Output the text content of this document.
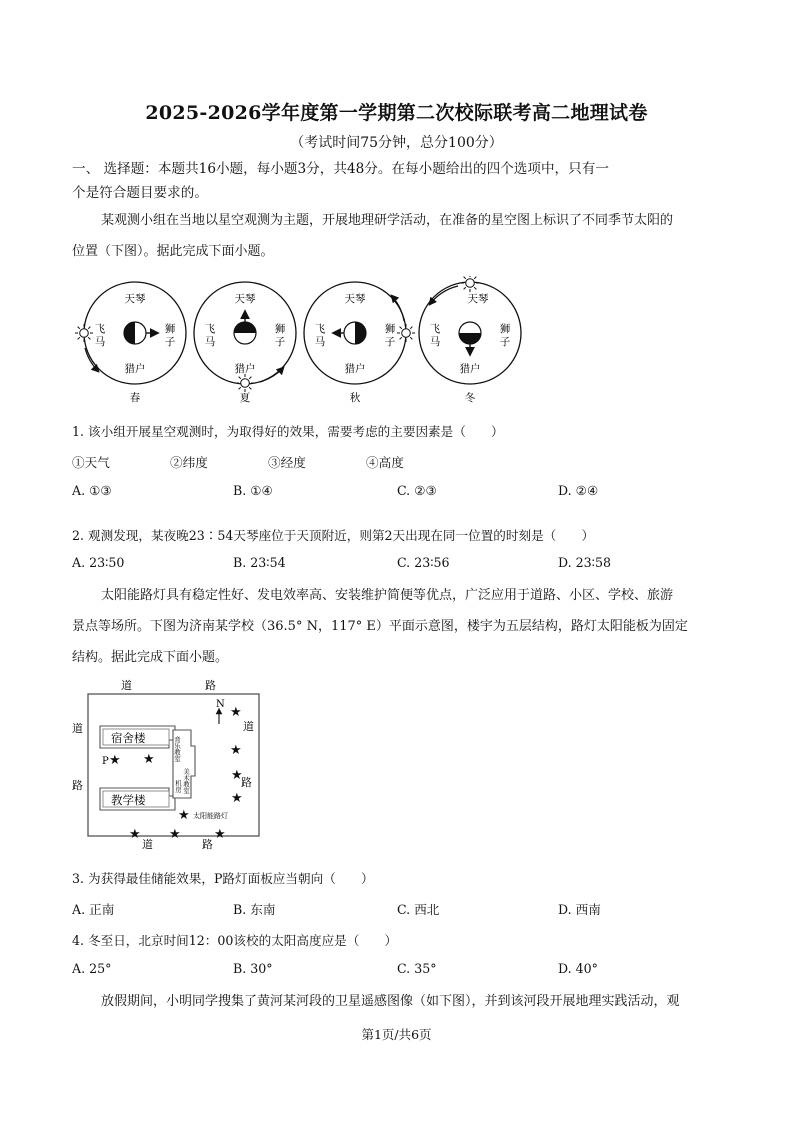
2025-2026学年度第一学期第二次校际联考高二地理试卷
（考试时间75分钟，总分100分）
一、 选择题：本题共16小题，每小题3分，共48分。在每小题给出的四个选项中，只有一
个是符合题目要求的。
某观测小组在当地以星空观测为主题，开展地理研学活动，在准备的星空图上标识了不同季节太阳的
位置（下图）。据此完成下面小题。
天琴
猎户
飞
马
狮
子
春
天琴
猎户
飞
马
狮
子
夏
天琴
猎户
飞
马
狮
子
秋
天琴
猎户
飞
马
狮
子
冬
1. 该小组开展星空观测时，为取得好的效果，需要考虑的主要因素是（　　）
①天气	②纬度	③经度	④高度
A. ①③	B. ①④	C. ②③	D. ②④
2. 观测发现，某夜晚23∶54天琴座位于天顶附近，则第2天出现在同一位置的时刻是（　　）
A. 23∶50	B. 23∶54	C. 23∶56	D. 23∶58
太阳能路灯具有稳定性好、发电效率高、安装维护简便等优点，广泛应用于道路、小区、学校、旅游
景点等场所。下图为济南某学校（36.5° N，117° E）平面示意图，楼宇为五层结构，路灯太阳能板为固定
结构。据此完成下面小题。
道	路
道
路
道
路
道	路
宿舍楼
教学楼
音乐教室
美术教室
机房
N
P ★ ★
★
★
★
★
★ ★	★
★ 太阳能路灯
3. 为获得最佳储能效果，P路灯面板应当朝向（　　）
A. 正南	B. 东南	C. 西北	D. 西南
4. 冬至日，北京时间12：00该校的太阳高度应是（　　）
A. 25°	B. 30°	C. 35°	D. 40°
放假期间，小明同学搜集了黄河某河段的卫星遥感图像（如下图），并到该河段开展地理实践活动，观
第1页/共6页
